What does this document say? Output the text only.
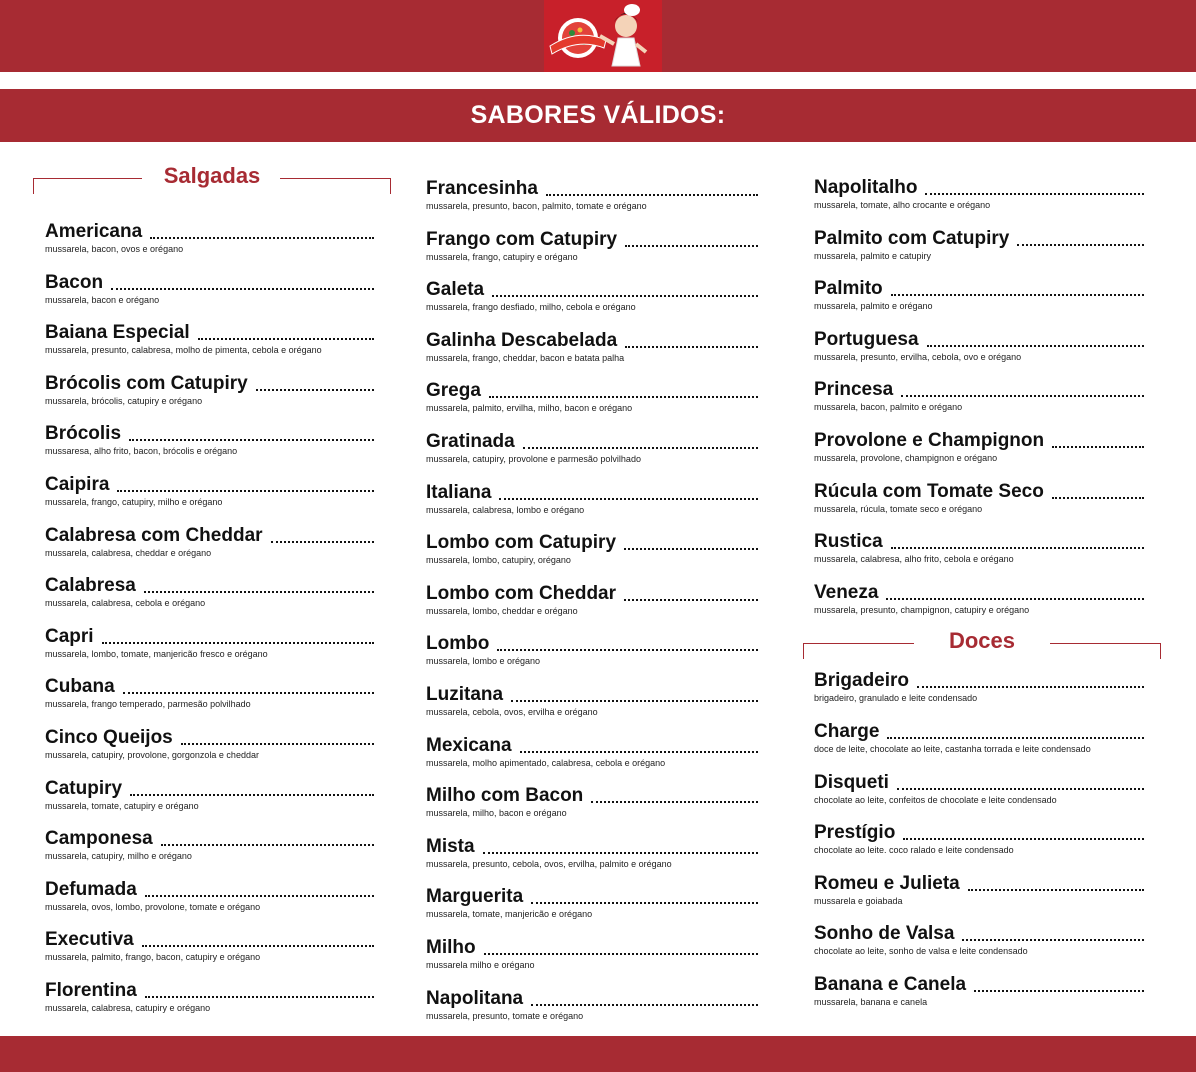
SABORES VÁLIDOS:
Salgadas
Americana
mussarela, bacon, ovos e orégano
Bacon
mussarela, bacon e orégano
Baiana Especial
mussarela, presunto, calabresa, molho de pimenta, cebola e orégano
Brócolis com Catupiry
mussarela, brócolis, catupiry e orégano
Brócolis
mussaresa, alho frito, bacon, brócolis e orégano
Caipira
mussarela, frango, catupiry, milho e orégano
Calabresa com Cheddar
mussarela, calabresa, cheddar e orégano
Calabresa
mussarela, calabresa, cebola e orégano
Capri
mussarela, lombo, tomate, manjericão fresco e orégano
Cubana
mussarela, frango temperado, parmesão polvilhado
Cinco Queijos
mussarela, catupiry, provolone, gorgonzola e cheddar
Catupiry
mussarela, tomate, catupiry e orégano
Camponesa
mussarela, catupiry, milho e orégano
Defumada
mussarela, ovos, lombo, provolone, tomate e orégano
Executiva
mussarela, palmito, frango, bacon, catupiry e orégano
Florentina
mussarela, calabresa, catupiry e orégano
Francesinha
mussarela, presunto, bacon, palmito, tomate e orégano
Frango com Catupiry
mussarela, frango, catupiry e orégano
Galeta
mussarela, frango desfiado, milho, cebola e orégano
Galinha Descabelada
mussarela, frango, cheddar, bacon e batata palha
Grega
mussarela, palmito, ervilha, milho, bacon e orégano
Gratinada
mussarela, catupiry, provolone e parmesão polvilhado
Italiana
mussarela, calabresa, lombo e orégano
Lombo com Catupiry
mussarela, lombo, catupiry, orégano
Lombo com Cheddar
mussarela, lombo, cheddar e orégano
Lombo
mussarela, lombo e orégano
Luzitana
mussarela, cebola, ovos, ervilha e orégano
Mexicana
mussarela, molho apimentado, calabresa, cebola e orégano
Milho com Bacon
mussarela, milho, bacon e orégano
Mista
mussarela, presunto, cebola, ovos, ervilha, palmito e orégano
Marguerita
mussarela, tomate, manjericão e orégano
Milho
mussarela milho e orégano
Napolitana
mussarela, presunto, tomate e orégano
Napolitalho
mussarela, tomate, alho crocante e orégano
Palmito com Catupiry
mussarela, palmito e catupiry
Palmito
mussarela, palmito e orégano
Portuguesa
mussarela, presunto, ervilha, cebola, ovo e orégano
Princesa
mussarela, bacon, palmito e orégano
Provolone e Champignon
mussarela, provolone, champignon e orégano
Rúcula com Tomate Seco
mussarela, rúcula, tomate seco e orégano
Rustica
mussarela, calabresa, alho frito, cebola e orégano
Veneza
mussarela, presunto, champignon, catupiry e orégano
Doces
Brigadeiro
brigadeiro, granulado e leite condensado
Charge
doce de leite, chocolate ao leite, castanha torrada e leite condensado
Disqueti
chocolate ao leite, confeitos de chocolate e leite condensado
Prestígio
chocolate ao leite. coco ralado e leite condensado
Romeu e Julieta
mussarela e goiabada
Sonho de Valsa
chocolate ao leite, sonho de valsa e leite condensado
Banana e Canela
mussarela, banana e canela
